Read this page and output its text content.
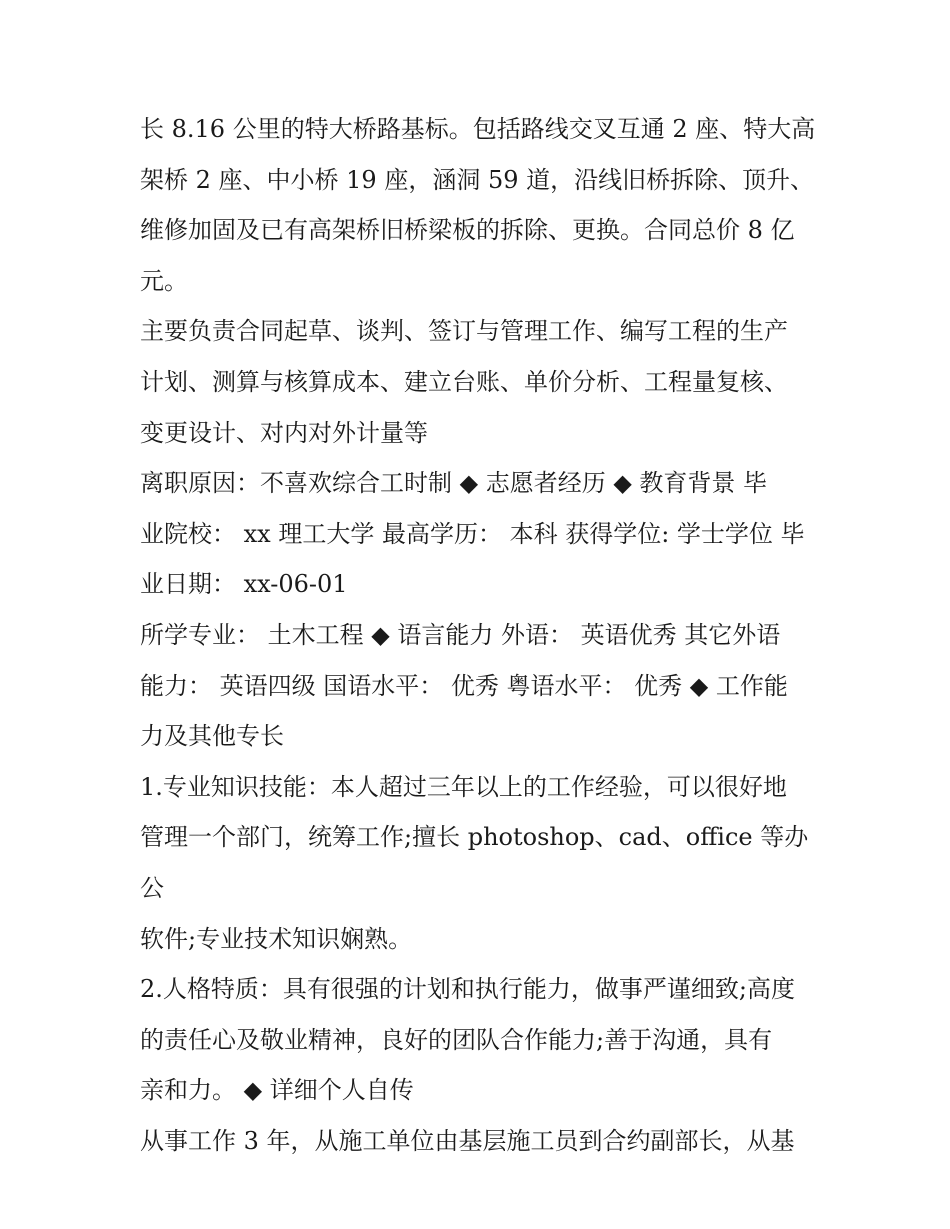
长 8.16 公里的特大桥路基标。包括路线交叉互通 2 座、特大高
架桥 2 座、中小桥 19 座，涵洞 59 道，沿线旧桥拆除、顶升、
维修加固及已有高架桥旧桥梁板的拆除、更换。合同总价 8 亿
元。

主要负责合同起草、谈判、签订与管理工作、编写工程的生产
计划、测算与核算成本、建立台账、单价分析、工程量复核、
变更设计、对内对外计量等

离职原因：不喜欢综合工时制 ◆ 志愿者经历 ◆ 教育背景 毕
业院校： xx 理工大学 最高学历： 本科 获得学位: 学士学位 毕
业日期： xx-06-01

所学专业： 土木工程 ◆ 语言能力 外语： 英语优秀 其它外语
能力： 英语四级 国语水平： 优秀 粤语水平： 优秀 ◆ 工作能
力及其他专长

1.专业知识技能：本人超过三年以上的工作经验，可以很好地
管理一个部门，统筹工作;擅长 photoshop、cad、office 等办公
软件;专业技术知识娴熟。

2.人格特质：具有很强的计划和执行能力，做事严谨细致;高度
的责任心及敬业精神，良好的团队合作能力;善于沟通，具有
亲和力。 ◆ 详细个人自传

从事工作 3 年，从施工单位由基层施工员到合约副部长，从基
